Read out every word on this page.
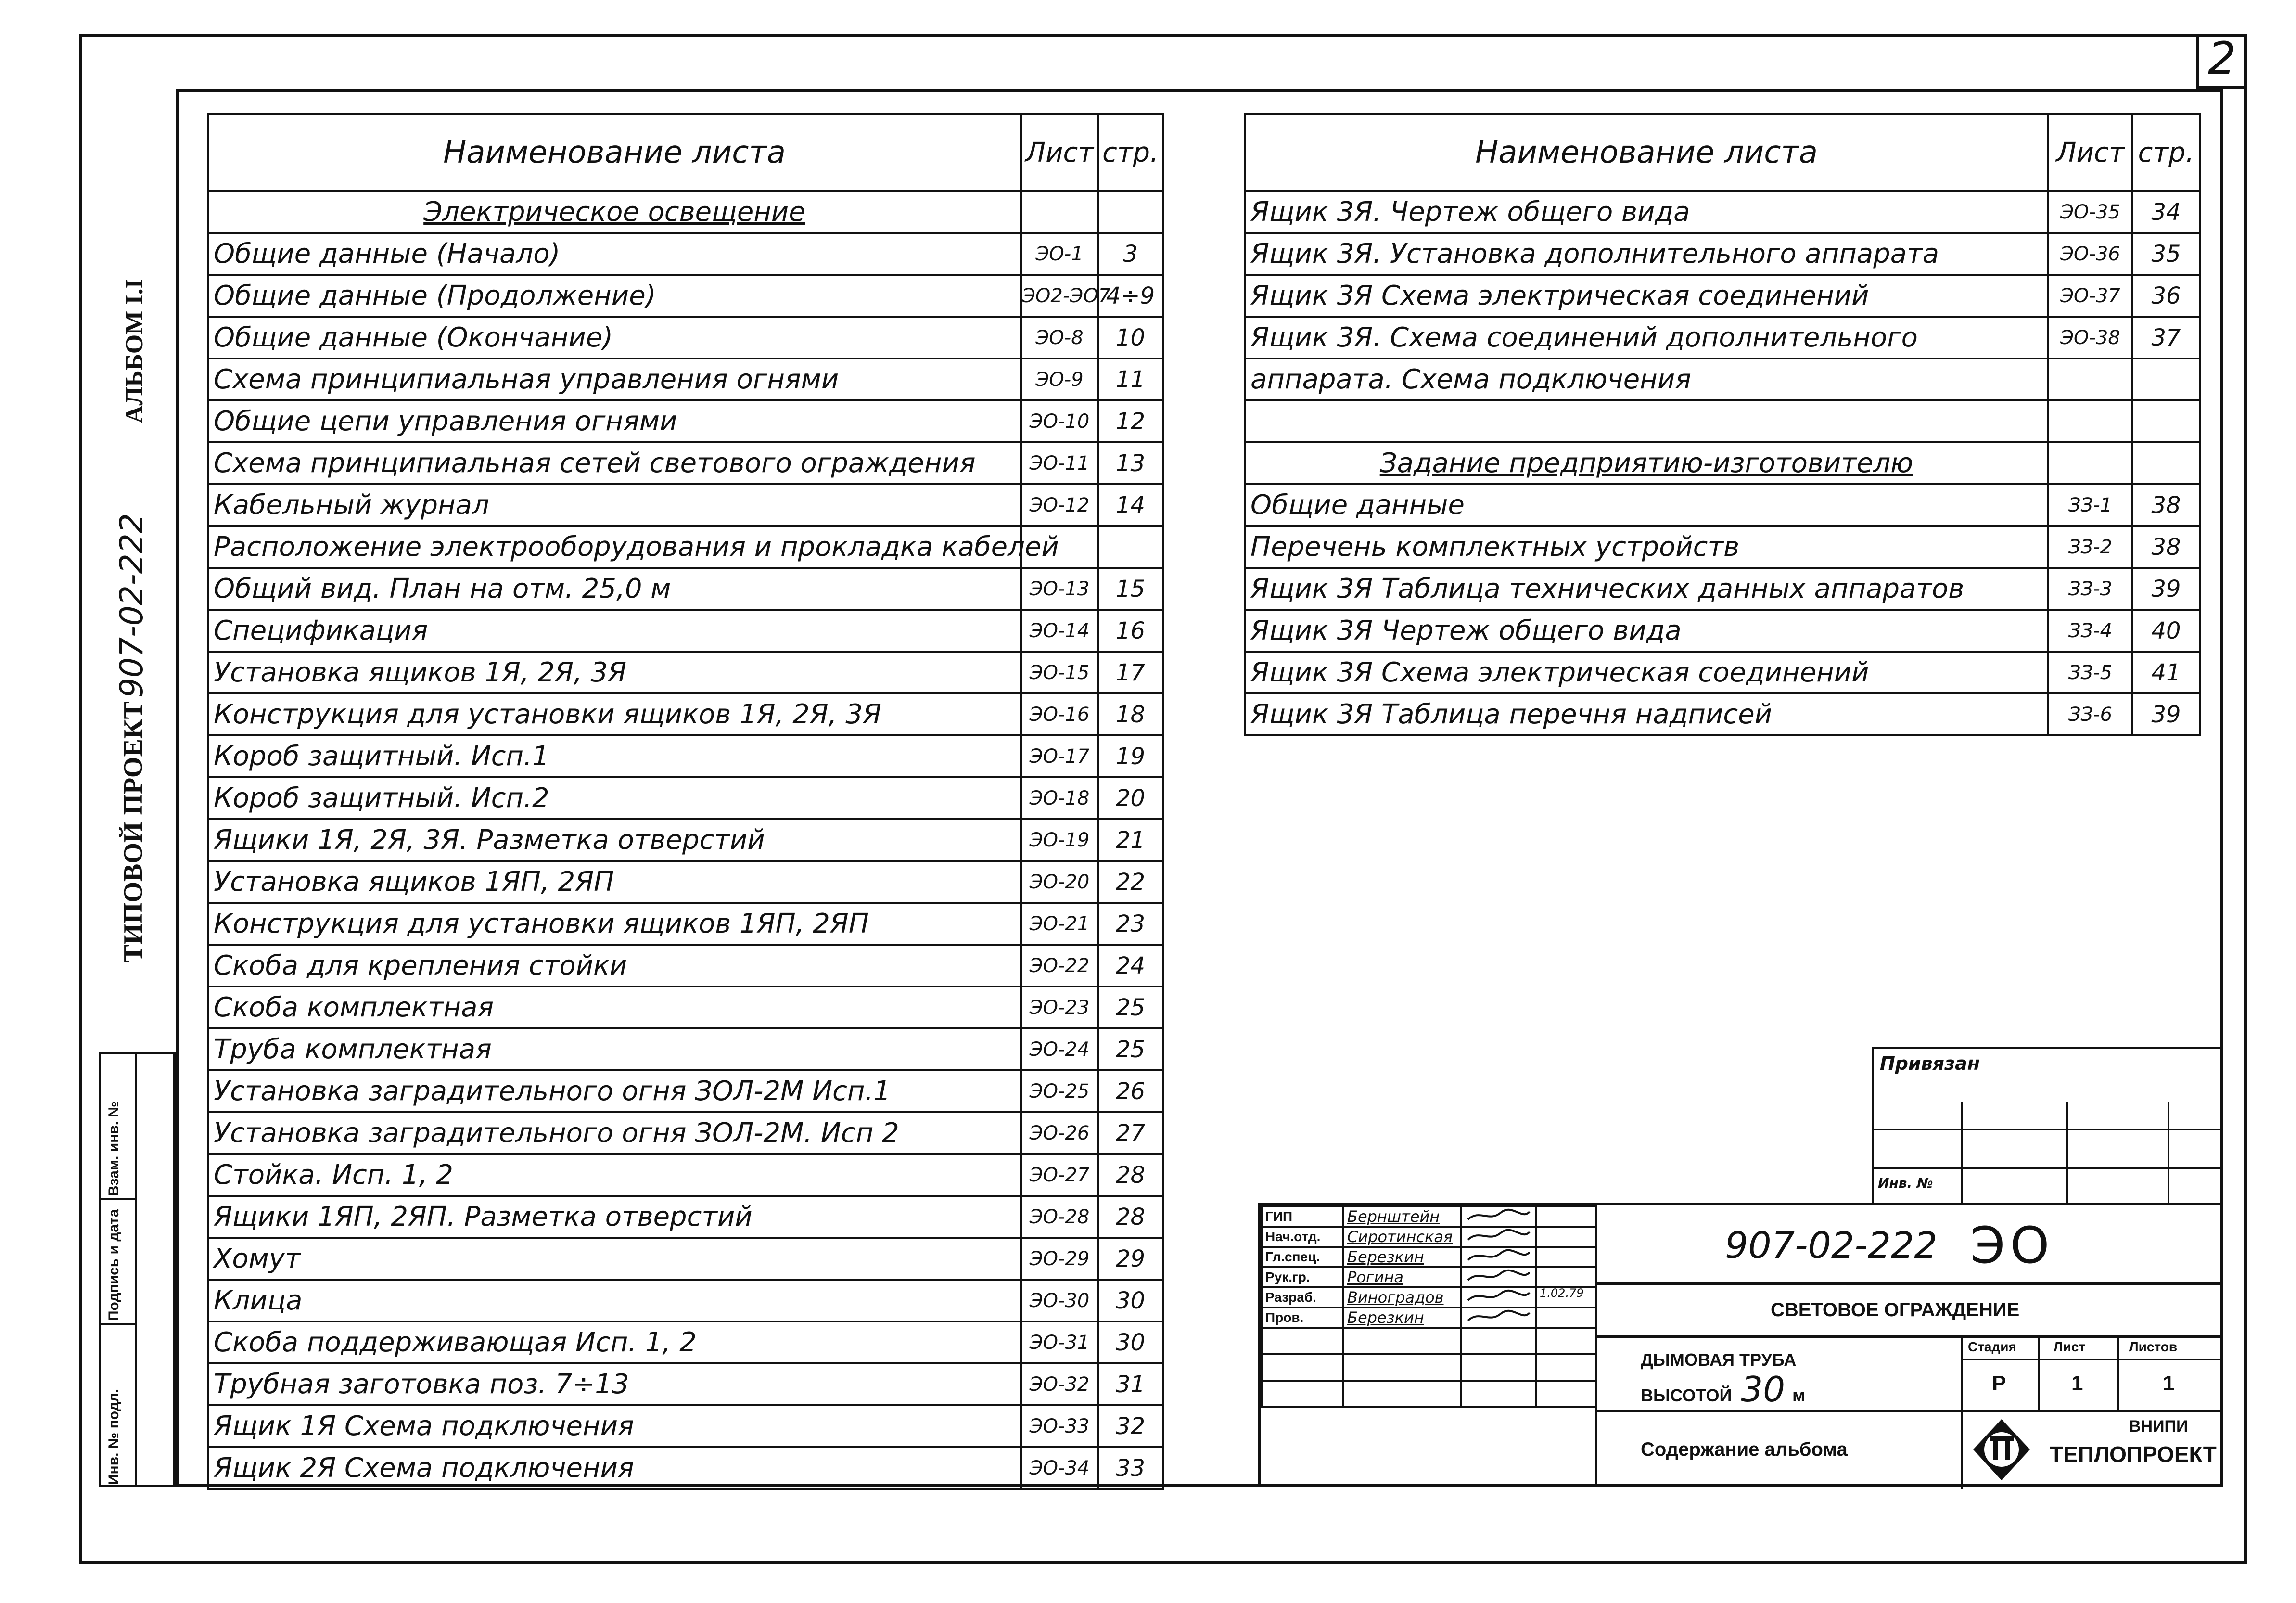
2
АЛЬБОМ I.I
ТИПОВОЙ ПРОЕКТ
907-02-222
Инв. № подл.
Подпись и дата
Взам. инв. №
Наименование листа	Лист	стр.
Электрическое освещение		
Общие данные (Начало)	ЭО-1	3
Общие данные (Продолжение)	ЭО2-ЭО7	4÷9
Общие данные (Окончание)	ЭО-8	10
Схема принципиальная управления огнями	ЭО-9	11
Общие цепи управления огнями	ЭО-10	12
Схема принципиальная сетей светового ограждения	ЭО-11	13
Кабельный журнал	ЭО-12	14
Расположение электрооборудования и прокладка кабелей		
Общий вид. План на отм. 25,0 м	ЭО-13	15
Спецификация	ЭО-14	16
Установка ящиков 1Я, 2Я, 3Я	ЭО-15	17
Конструкция для установки ящиков 1Я, 2Я, 3Я	ЭО-16	18
Короб защитный. Исп.1	ЭО-17	19
Короб защитный. Исп.2	ЭО-18	20
Ящики 1Я, 2Я, 3Я. Разметка отверстий	ЭО-19	21
Установка ящиков 1ЯП, 2ЯП	ЭО-20	22
Конструкция для установки ящиков 1ЯП, 2ЯП	ЭО-21	23
Скоба для крепления стойки	ЭО-22	24
Скоба комплектная	ЭО-23	25
Труба комплектная	ЭО-24	25
Установка заградительного огня ЗОЛ-2М Исп.1	ЭО-25	26
Установка заградительного огня ЗОЛ-2М. Исп 2	ЭО-26	27
Стойка. Исп. 1, 2	ЭО-27	28
Ящики 1ЯП, 2ЯП. Разметка отверстий	ЭО-28	28
Хомут	ЭО-29	29
Клица	ЭО-30	30
Скоба поддерживающая Исп. 1, 2	ЭО-31	30
Трубная заготовка поз. 7÷13	ЭО-32	31
Ящик 1Я Схема подключения	ЭО-33	32
Ящик 2Я Схема подключения	ЭО-34	33
Наименование листа	Лист	стр.
Ящик 3Я. Чертеж общего вида	ЭО-35	34
Ящик 3Я. Установка дополнительного аппарата	ЭО-36	35
Ящик 3Я Схема электрическая соединений	ЭО-37	36
Ящик 3Я. Схема соединений дополнительного	ЭО-38	37
аппарата. Схема подключения		

Задание предприятию-изготовителю		
Общие данные	ЗЗ-1	38
Перечень комплектных устройств	ЗЗ-2	38
Ящик 3Я Таблица технических данных аппаратов	ЗЗ-3	39
Ящик 3Я Чертеж общего вида	ЗЗ-4	40
Ящик 3Я Схема электрическая соединений	ЗЗ-5	41
Ящик 3Я Таблица перечня надписей	ЗЗ-6	39
Привязан
Инв. №
ГИП	Бернштейн		
Нач.отд.	Сиротинская		
Гл.спец.	Березкин		
Рук.гр.	Рогина		
Разраб.	Виноградов		
Пров.	Березкин		

1.02.79
907-02-222 ЭО
СВЕТОВОЕ ОГРАЖДЕНИЕ
ДЫМОВАЯ ТРУБА
ВЫСОТОЙ 30 м
Стадия	Лист	Листов
Р	1	1
Содержание альбома
ВНИПИ
ТЕПЛОПРОЕКТ
